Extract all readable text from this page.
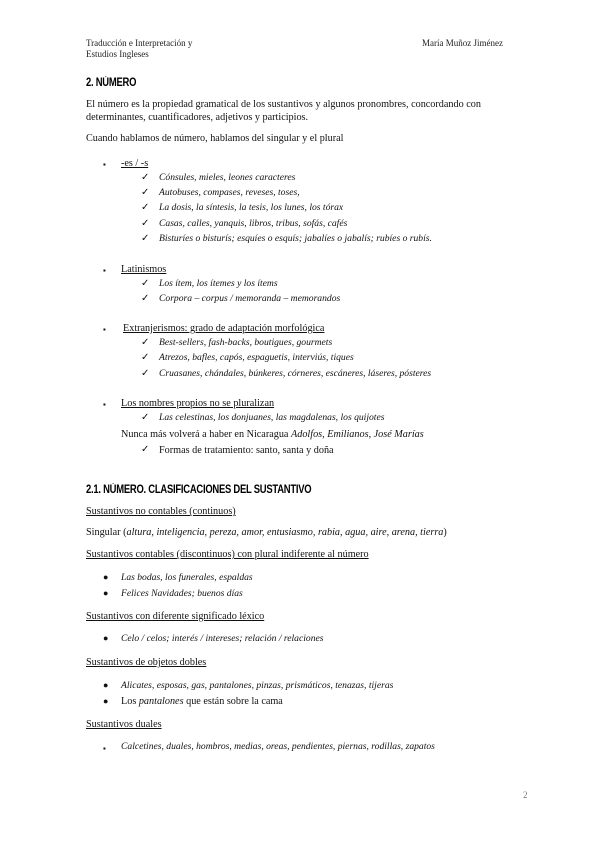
Traducción e Interpretación y
Estudios Ingleses
María Muñoz Jiménez
2. NÚMERO
El número es la propiedad gramatical de los sustantivos y algunos pronombres, concordando con
determinantes, cuantificadores, adjetivos y participios.
Cuando hablamos de número, hablamos del singular y el plural
▪ -es / -s
✓ Cónsules, mieles, leones caracteres
✓ Autobuses, compases, reveses, toses,
✓ La dosis, la síntesis, la tesis, los lunes, los tórax
✓ Casas, calles, yanquis, libros, tribus, sofás, cafés
✓ Bisturíes o bisturís; esquíes o esquís; jabalíes o jabalís; rubíes o rubís.
▪ Latinismos
✓ Los ítem, los ítemes y los ítems
✓ Corpora – corpus / memoranda – memorandos
▪ Extranjerismos: grado de adaptación morfológica
✓ Best-sellers, fash-backs, boutigues, gourmets
✓ Atrezos, bafles, capós, espaguetis, interviús, tiques
✓ Cruasanes, chándales, búnkeres, córneres, escáneres, láseres, pósteres
▪ Los nombres propios no se pluralizan
✓ Las celestinas, los donjuanes, las magdalenas, los quijotes
Nunca más volverá a haber en Nicaragua Adolfos, Emilianos, José Marías
✓ Formas de tratamiento: santo, santa y doña
2.1. NÚMERO. CLASIFICACIONES DEL SUSTANTIVO
Sustantivos no contables (continuos)
Singular (altura, inteligencia, pereza, amor, entusiasmo, rabia, agua, aire, arena, tierra)
Sustantivos contables (discontinuos) con plural indiferente al número
● Las bodas, los funerales, espaldas
● Felices Navidades; buenos días
Sustantivos con diferente significado léxico
● Celo / celos; interés / intereses; relación / relaciones
Sustantivos de objetos dobles
● Alicates, esposas, gas, pantalones, pinzas, prismáticos, tenazas, tijeras
● Los pantalones que están sobre la cama
Sustantivos duales
▪ Calcetines, duales, hombros, medias, oreas, pendientes, piernas, rodillas, zapatos
2
